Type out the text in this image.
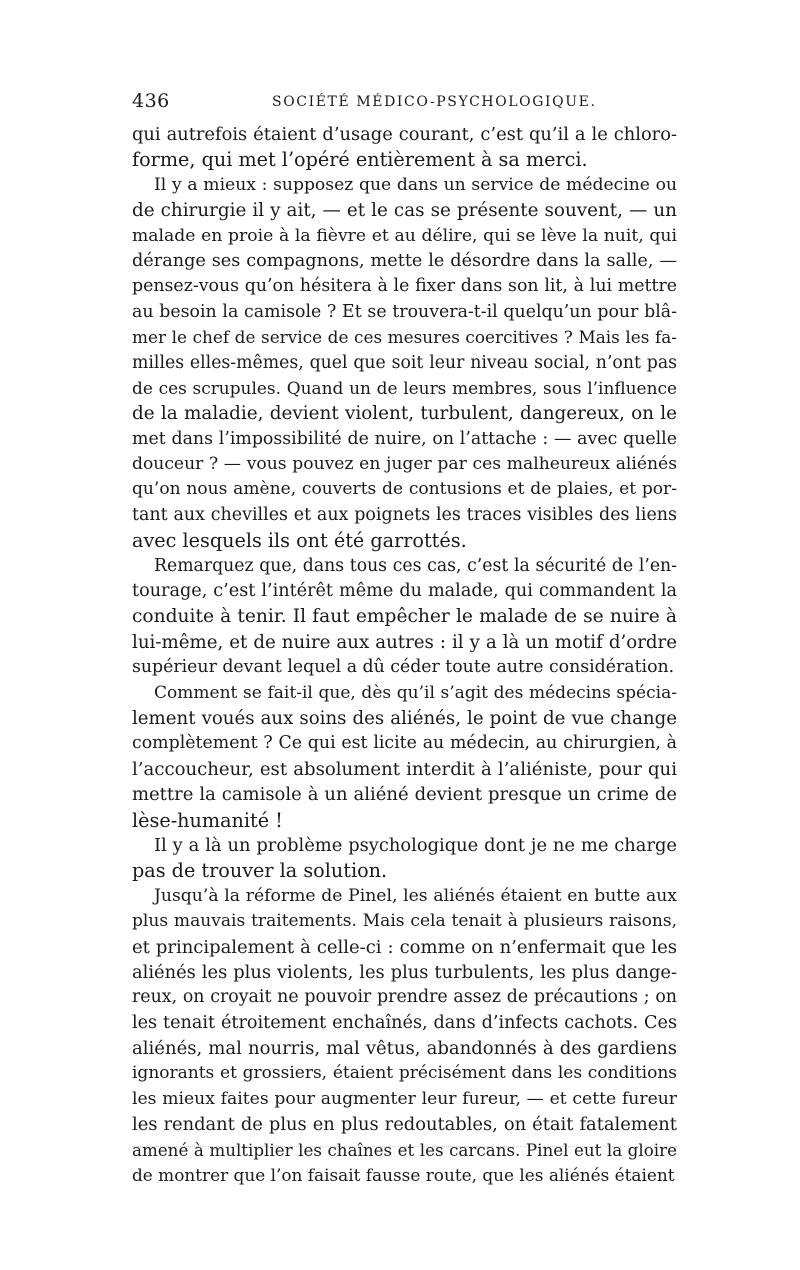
436	SOCIÉTÉ MÉDICO-PSYCHOLOGIQUE.
qui autrefois étaient d’usage courant, c’est qu’il a le chloro-
forme, qui met l’opéré entièrement à sa merci.
Il y a mieux : supposez que dans un service de médecine ou
de chirurgie il y ait, — et le cas se présente souvent, — un
malade en proie à la fièvre et au délire, qui se lève la nuit, qui
dérange ses compagnons, mette le désordre dans la salle, —
pensez-vous qu’on hésitera à le fixer dans son lit, à lui mettre
au besoin la camisole ? Et se trouvera-t-il quelqu’un pour blâ-
mer le chef de service de ces mesures coercitives ? Mais les fa-
milles elles-mêmes, quel que soit leur niveau social, n’ont pas
de ces scrupules. Quand un de leurs membres, sous l’influence
de la maladie, devient violent, turbulent, dangereux, on le
met dans l’impossibilité de nuire, on l’attache : — avec quelle
douceur ? — vous pouvez en juger par ces malheureux aliénés
qu’on nous amène, couverts de contusions et de plaies, et por-
tant aux chevilles et aux poignets les traces visibles des liens
avec lesquels ils ont été garrottés.
Remarquez que, dans tous ces cas, c’est la sécurité de l’en-
tourage, c’est l’intérêt même du malade, qui commandent la
conduite à tenir. Il faut empêcher le malade de se nuire à
lui-même, et de nuire aux autres : il y a là un motif d’ordre
supérieur devant lequel a dû céder toute autre considération.
Comment se fait-il que, dès qu’il s’agit des médecins spécia-
lement voués aux soins des aliénés, le point de vue change
complètement ? Ce qui est licite au médecin, au chirurgien, à
l’accoucheur, est absolument interdit à l’aliéniste, pour qui
mettre la camisole à un aliéné devient presque un crime de
lèse-humanité !
Il y a là un problème psychologique dont je ne me charge
pas de trouver la solution.
Jusqu’à la réforme de Pinel, les aliénés étaient en butte aux
plus mauvais traitements. Mais cela tenait à plusieurs raisons,
et principalement à celle-ci : comme on n’enfermait que les
aliénés les plus violents, les plus turbulents, les plus dange-
reux, on croyait ne pouvoir prendre assez de précautions ; on
les tenait étroitement enchaînés, dans d’infects cachots. Ces
aliénés, mal nourris, mal vêtus, abandonnés à des gardiens
ignorants et grossiers, étaient précisément dans les conditions
les mieux faites pour augmenter leur fureur, — et cette fureur
les rendant de plus en plus redoutables, on était fatalement
amené à multiplier les chaînes et les carcans. Pinel eut la gloire
de montrer que l’on faisait fausse route, que les aliénés étaient
